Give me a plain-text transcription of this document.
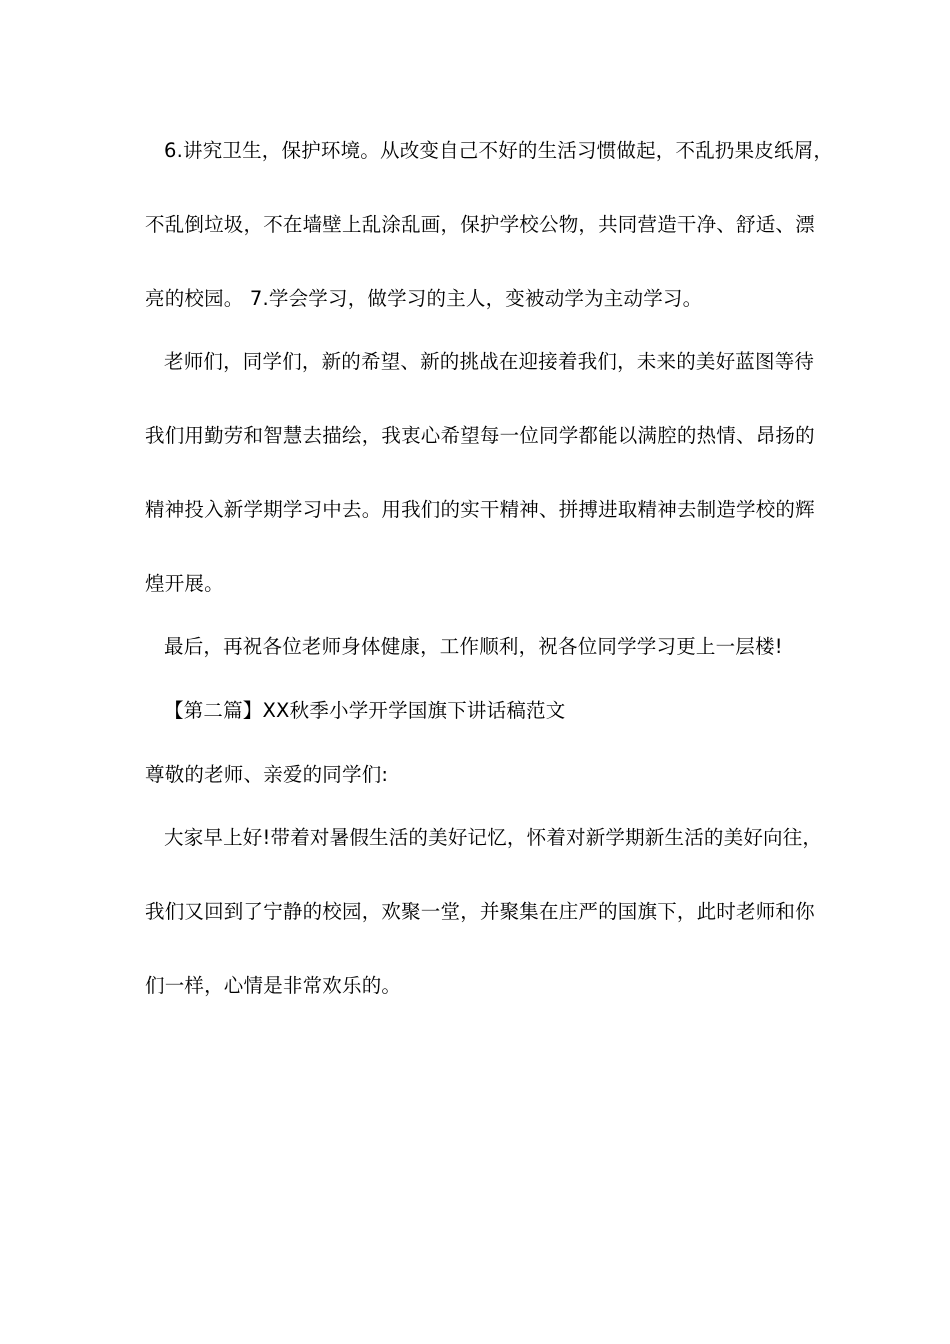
6.讲究卫生，保护环境。从改变自己不好的生活习惯做起，不乱扔果皮纸屑，
不乱倒垃圾，不在墙壁上乱涂乱画，保护学校公物，共同营造干净、舒适、漂
亮的校园。 7.学会学习，做学习的主人，变被动学为主动学习。
老师们，同学们，新的希望、新的挑战在迎接着我们，未来的美好蓝图等待
我们用勤劳和智慧去描绘，我衷心希望每一位同学都能以满腔的热情、昂扬的
精神投入新学期学习中去。用我们的实干精神、拼搏进取精神去制造学校的辉
煌开展。
最后，再祝各位老师身体健康，工作顺利，祝各位同学学习更上一层楼!
【第二篇】XX秋季小学开学国旗下讲话稿范文
尊敬的老师、亲爱的同学们:
大家早上好!带着对暑假生活的美好记忆，怀着对新学期新生活的美好向往，
我们又回到了宁静的校园，欢聚一堂，并聚集在庄严的国旗下，此时老师和你
们一样，心情是非常欢乐的。
